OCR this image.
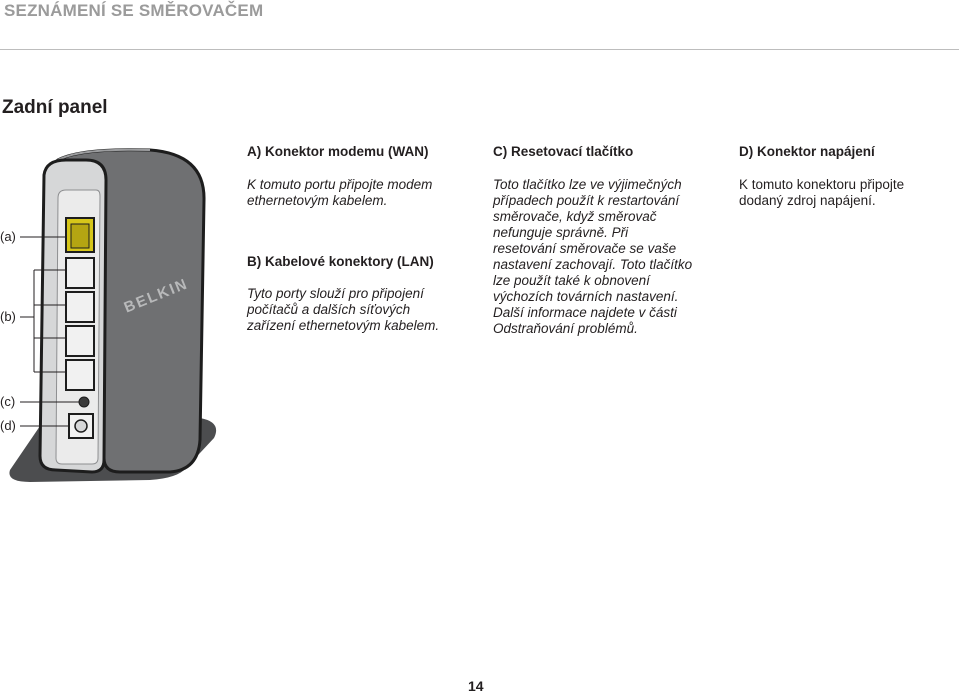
SEZNÁMENÍ SE SMĚROVAČEM
Zadní panel
BELKIN
(a)
(b)
(c)
(d)
A) Konektor modemu (WAN)
K tomuto portu připojte modem
ethernetovým kabelem.
B) Kabelové konektory (LAN)
Tyto porty slouží pro připojení
počítačů a dalších síťových
zařízení ethernetovým kabelem.
C) Resetovací tlačítko
Toto tlačítko lze ve výjimečných
případech použít k restartování
směrovače, když směrovač
nefunguje správně. Při
resetování směrovače se vaše
nastavení zachovají. Toto tlačítko
lze použít také k obnovení
výchozích továrních nastavení.
Další informace najdete v části
Odstraňování problémů.
D) Konektor napájení
K tomuto konektoru připojte
dodaný zdroj napájení.
14
